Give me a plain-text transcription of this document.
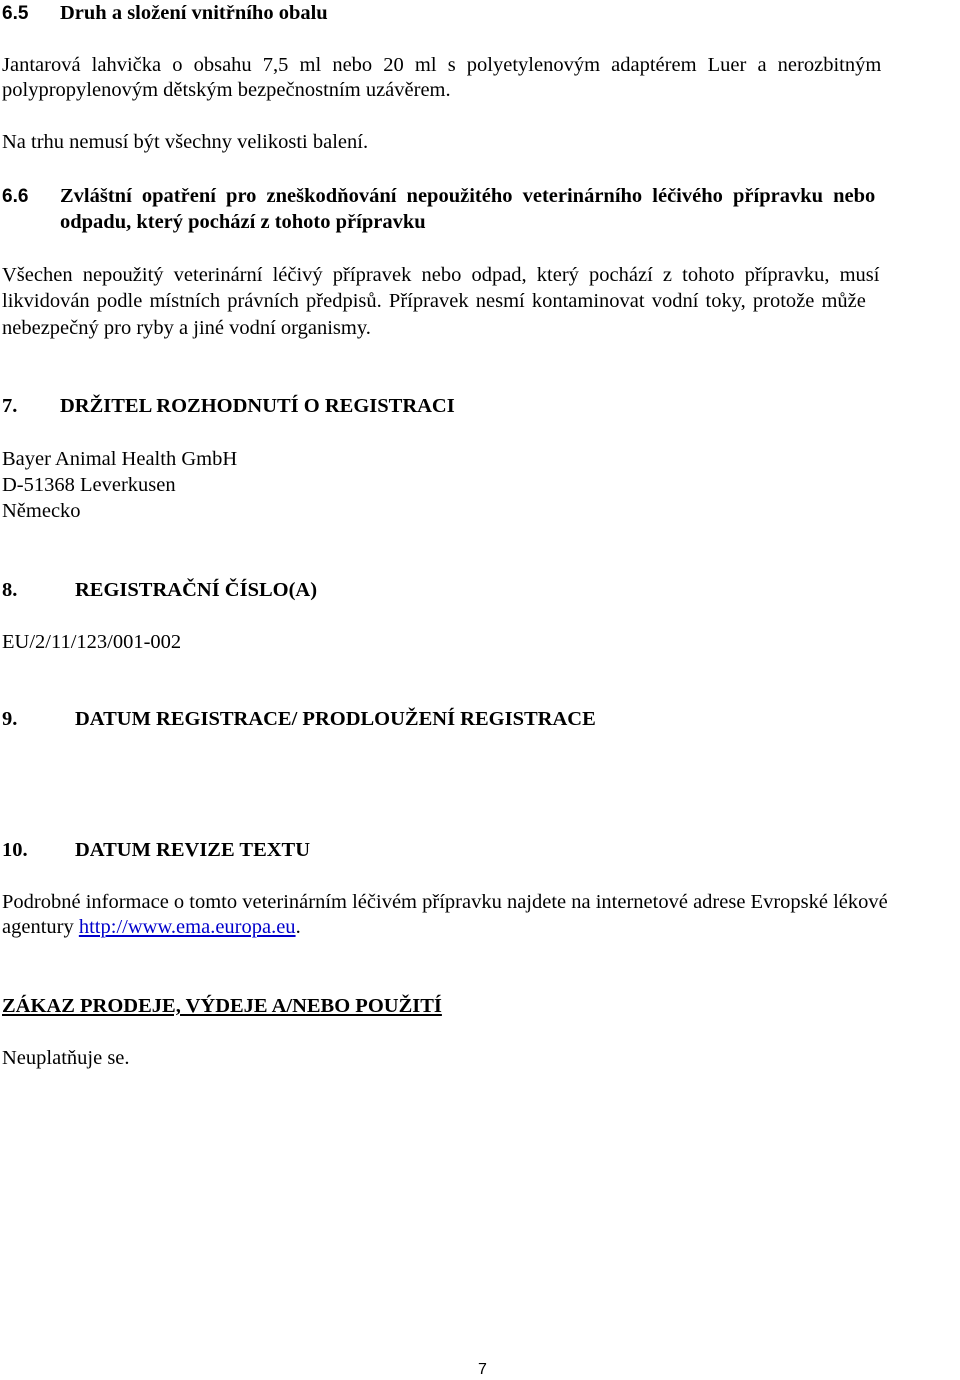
6.5 Druh a složení vnitřního obalu
Jantarová lahvička o obsahu 7,5 ml nebo 20 ml s polyetylenovým adaptérem Luer a nerozbitným
polypropylenovým dětským bezpečnostním uzávěrem.
Na trhu nemusí být všechny velikosti balení.
6.6	Zvláštní opatření pro zneškodňování nepoužitého veterinárního léčivého přípravku nebo
odpadu, který pochází z tohoto přípravku
Všechen nepoužitý veterinární léčivý přípravek nebo odpad, který pochází z tohoto přípravku, musí
likvidován podle místních právních předpisů. Přípravek nesmí kontaminovat vodní toky, protože může
nebezpečný pro ryby a jiné vodní organismy.
7. DRŽITEL ROZHODNUTÍ O REGISTRACI
Bayer Animal Health GmbH
D-51368 Leverkusen
Německo
8.	REGISTRAČNÍ ČÍSLO(A)
EU/2/11/123/001-002
9.	DATUM REGISTRACE/ PRODLOUŽENÍ REGISTRACE
10. DATUM REVIZE TEXTU
Podrobné informace o tomto veterinárním léčivém přípravku najdete na internetové adrese Evropské lékové
agentury http://www.ema.europa.eu.
ZÁKAZ PRODEJE, VÝDEJE A/NEBO POUŽITÍ
Neuplatňuje se.
7
